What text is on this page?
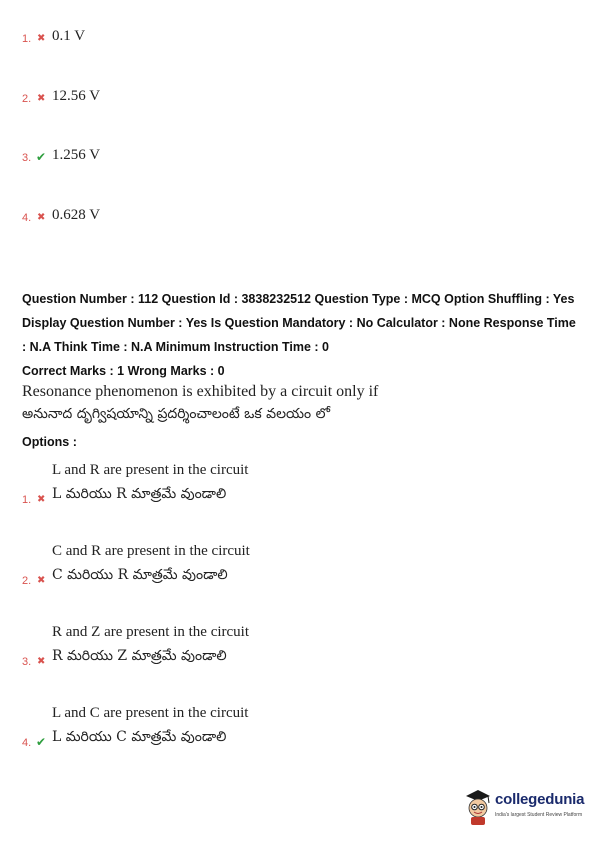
1. ✖ 0.1 V
2. ✖ 12.56 V
3. ✔ 1.256 V
4. ✖ 0.628 V
Question Number : 112 Question Id : 3838232512 Question Type : MCQ Option Shuffling : Yes
Display Question Number : Yes Is Question Mandatory : No Calculator : None Response Time
: N.A Think Time : N.A Minimum Instruction Time : 0
Correct Marks : 1 Wrong Marks : 0
Resonance phenomenon is exhibited by a circuit only if
అనునాద దృగ్విషయాన్ని ప్రదర్శించాలంటే ఒక వలయం లో
Options :
L and R are present in the circuit
1. ✖ L మరియు R మాత్రమే వుండాలి
C and R are present in the circuit
2. ✖ C మరియు R మాత్రమే వుండాలి
R and Z are present in the circuit
3. ✖ R మరియు Z మాత్రమే వుండాలి
L and C are present in the circuit
4. ✔ L మరియు C మాత్రమే వుండాలి
collegedunia
India's largest Student Review Platform
